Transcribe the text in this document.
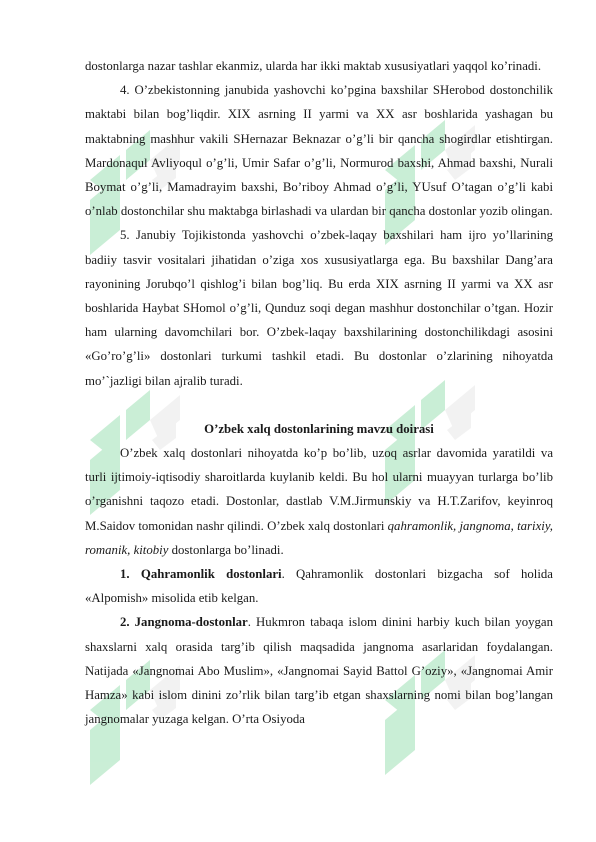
dostonlarga nazar tashlar ekanmiz, ularda har ikki maktab xususiyatlari yaqqol ko’rinadi.

4. O’zbekistonning janubida yashovchi ko’pgina baxshilar SHerobod dostonchilik maktabi bilan bog’liqdir. XIX asrning II yarmi va XX asr boshlarida yashagan bu maktabning mashhur vakili SHernazar Beknazar o’g’li bir qancha shogirdlar etishtirgan. Mardonaqul Avliyoqul o’g’li, Umir Safar o’g’li, Normurod baxshi, Ahmad baxshi, Nurali Boymat o’g’li, Mamadrayim baxshi, Bo’riboy Ahmad o’g’li, YUsuf O’tagan o’g’li kabi o’nlab dostonchilar shu maktabga birlashadi va ulardan bir qancha dostonlar yozib olingan.

5. Janubiy Tojikistonda yashovchi o’zbek-laqay baxshilari ham ijro yo’llarining badiiy tasvir vositalari jihatidan o’ziga xos xususiyatlarga ega. Bu baxshilar Dang’ara rayonining Jorubqo’l qishlog’i bilan bog’liq. Bu erda XIX asrning II yarmi va XX asr boshlarida Haybat SHomol o’g’li, Qunduz soqi degan mashhur dostonchilar o’tgan. Hozir ham ularning davomchilari bor. O’zbek-laqay baxshilarining dostonchilikdagi asosini «Go’ro’g’li» dostonlari turkumi tashkil etadi. Bu dostonlar o’zlarining nihoyatda mo’`jazligi bilan ajralib turadi.

O’zbek xalq dostonlarining mavzu doirasi

O’zbek xalq dostonlari nihoyatda ko’p bo’lib, uzoq asrlar davomida yaratildi va turli ijtimoiy-iqtisodiy sharoitlarda kuylanib keldi. Bu hol ularni muayyan turlarga bo’lib o’rganishni taqozo etadi. Dostonlar, dastlab V.M.Jirmunskiy va H.T.Zarifov, keyinroq M.Saidov tomonidan nashr qilindi. O’zbek xalq dostonlari qahramonlik, jangnoma, tarixiy, romanik, kitobiy dostonlarga bo’linadi.

1. Qahramonlik dostonlari. Qahramonlik dostonlari bizgacha sof holida «Alpomish» misolida etib kelgan.

2. Jangnoma-dostonlar. Hukmron tabaqa islom dinini harbiy kuch bilan yoygan shaxslarni xalq orasida targ’ib qilish maqsadida jangnoma asarlaridan foydalangan. Natijada «Jangnomai Abo Muslim», «Jangnomai Sayid Battol G’oziy», «Jangnomai Amir Hamza» kabi islom dinini zo’rlik bilan targ’ib etgan shaxslarning nomi bilan bog’langan jangnomalar yuzaga kelgan. O’rta Osiyoda
